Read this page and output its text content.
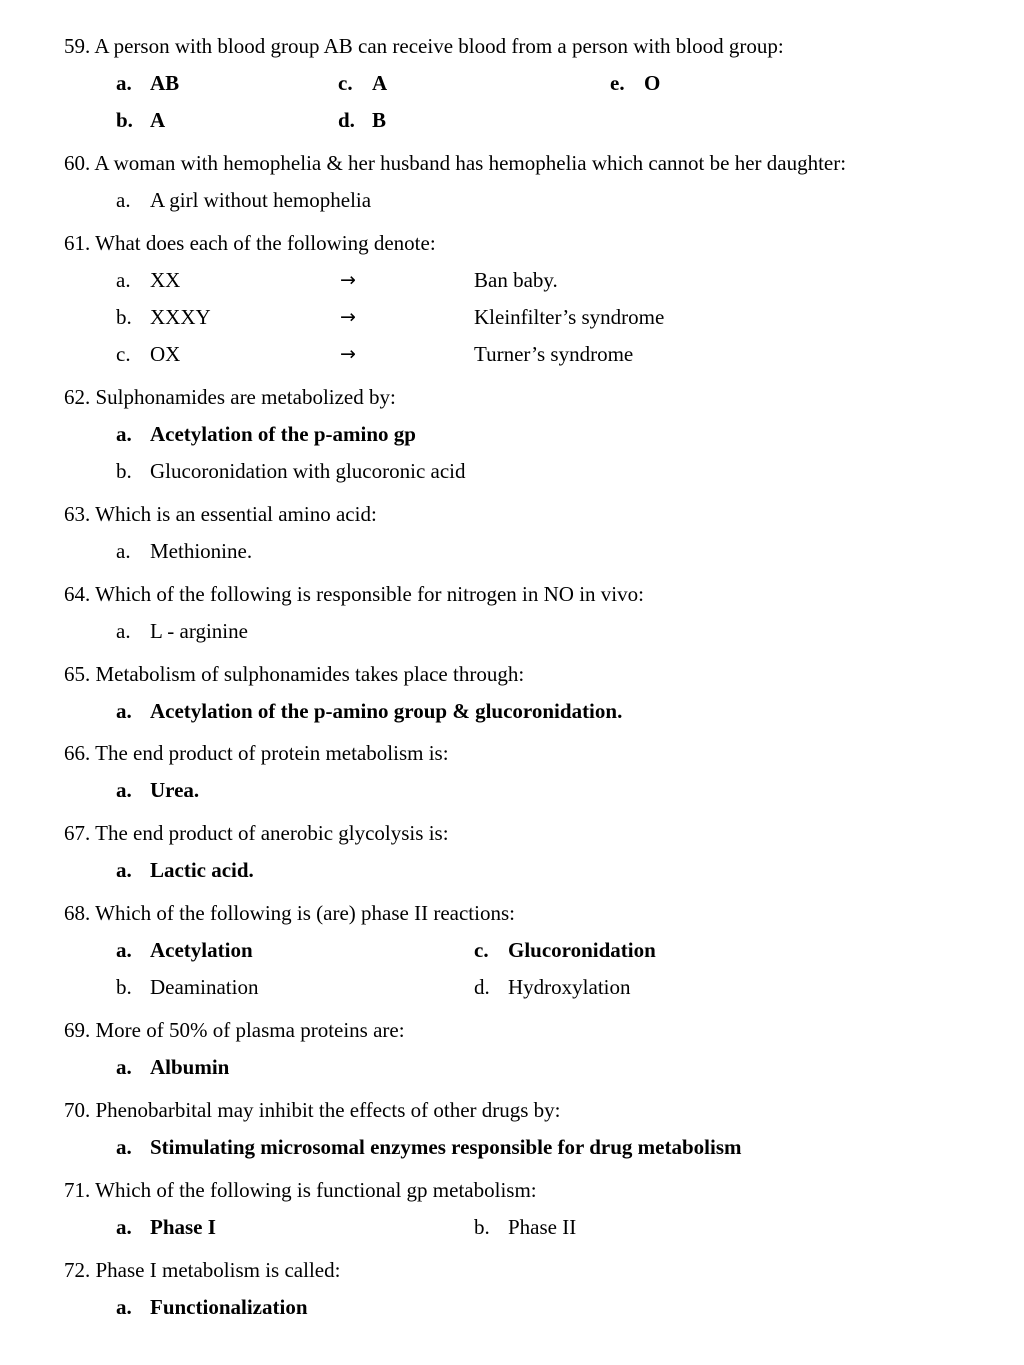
59. A person with blood group AB can receive blood from a person with blood group:
a. AB	c. A	e. O
b. A	d. B
60. A woman with hemophelia & her husband has hemophelia which cannot be her daughter:
a. A girl without hemophelia
61. What does each of the following denote:
a. XX	→	Ban baby.
b. XXXY	→	Kleinfilter’s syndrome
c. OX	→	Turner’s syndrome
62. Sulphonamides are metabolized by:
a. Acetylation of the p-amino gp
b. Glucoronidation with glucoronic acid
63. Which is an essential amino acid:
a. Methionine.
64. Which of the following is responsible for nitrogen in NO in vivo:
a. L - arginine
65. Metabolism of sulphonamides takes place through:
a. Acetylation of the p-amino group & glucoronidation.
66. The end product of protein metabolism is:
a. Urea.
67. The end product of anerobic glycolysis is:
a. Lactic acid.
68. Which of the following is (are) phase II reactions:
a. Acetylation	c. Glucoronidation
b. Deamination	d. Hydroxylation
69. More of 50% of plasma proteins are:
a. Albumin
70. Phenobarbital may inhibit the effects of other drugs by:
a. Stimulating microsomal enzymes responsible for drug metabolism
71. Which of the following is functional gp metabolism:
a. Phase I	b. Phase II
72. Phase I metabolism is called:
a. Functionalization
